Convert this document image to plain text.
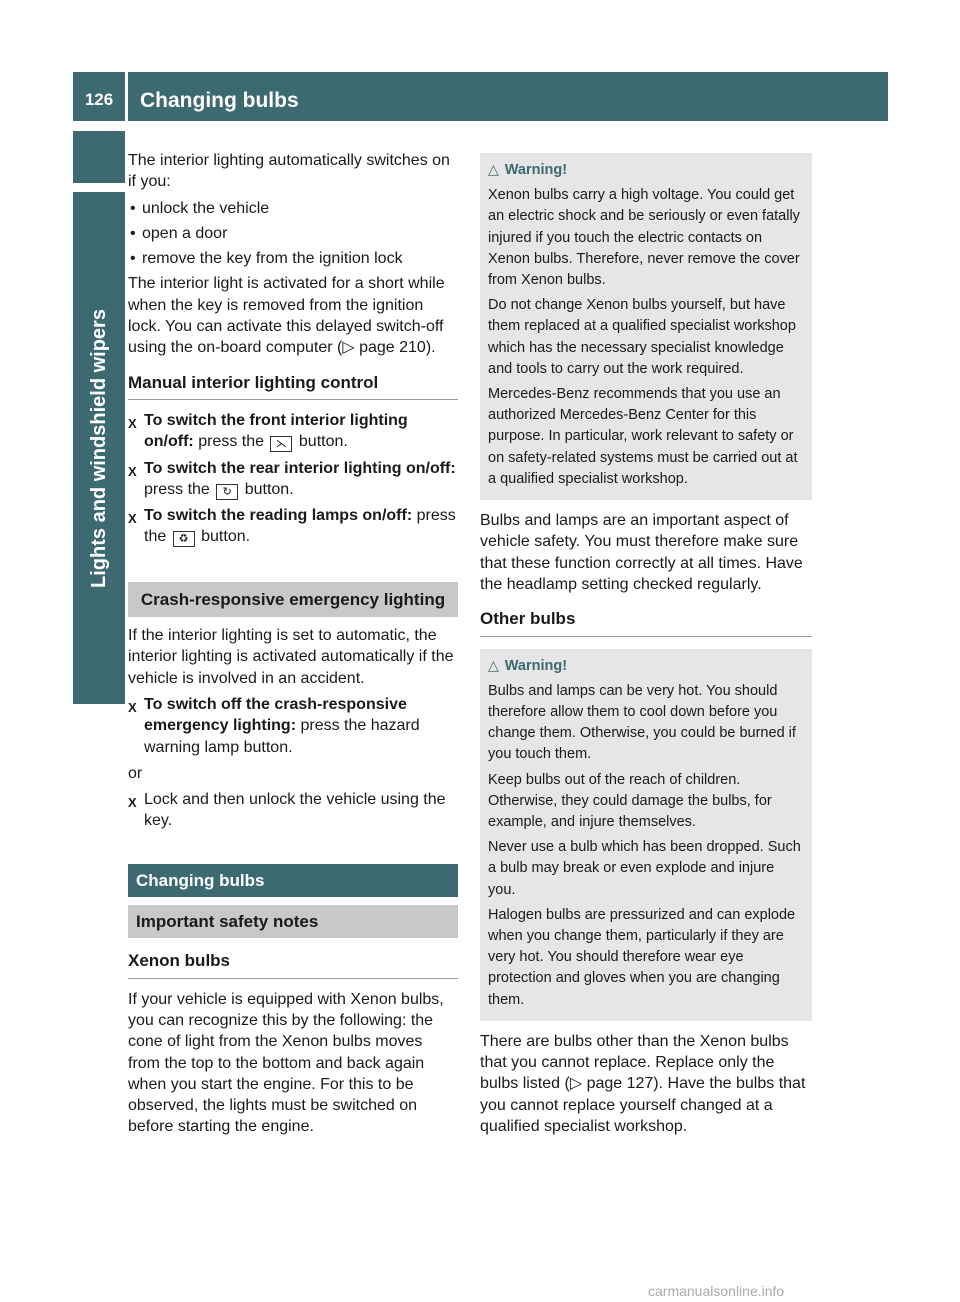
126	Changing bulbs
Lights and windshield wipers

The interior lighting automatically switches on if you:

• unlock the vehicle
• open a door
• remove the key from the ignition lock

The interior light is activated for a short while when the key is removed from the ignition lock. You can activate this delayed switch-off using the on-board computer (▷ page 210).

Manual interior lighting control
X To switch the front interior lighting on/off: press the ⋋ button.
X To switch the rear interior lighting on/off: press the ↻ button.
X To switch the reading lamps on/off: press the ♻ button.
Crash-responsive emergency lighting

If the interior lighting is set to automatic, the interior lighting is activated automatically if the vehicle is involved in an accident.

X To switch off the crash-responsive emergency lighting: press the hazard warning lamp button.

or

X Lock and then unlock the vehicle using the key.
Changing bulbs
Important safety notes
Xenon bulbs

If your vehicle is equipped with Xenon bulbs, you can recognize this by the following: the cone of light from the Xenon bulbs moves from the top to the bottom and back again when you start the engine. For this to be observed, the lights must be switched on before starting the engine.

△ Warning!

Xenon bulbs carry a high voltage. You could get an electric shock and be seriously or even fatally injured if you touch the electric contacts on Xenon bulbs. Therefore, never remove the cover from Xenon bulbs.

Do not change Xenon bulbs yourself, but have them replaced at a qualified specialist workshop which has the necessary specialist knowledge and tools to carry out the work required.

Mercedes-Benz recommends that you use an authorized Mercedes-Benz Center for this purpose. In particular, work relevant to safety or on safety-related systems must be carried out at a qualified specialist workshop.

Bulbs and lamps are an important aspect of vehicle safety. You must therefore make sure that these function correctly at all times. Have the headlamp setting checked regularly.

Other bulbs
△ Warning!

Bulbs and lamps can be very hot. You should therefore allow them to cool down before you change them. Otherwise, you could be burned if you touch them.

Keep bulbs out of the reach of children. Otherwise, they could damage the bulbs, for example, and injure themselves.

Never use a bulb which has been dropped. Such a bulb may break or even explode and injure you.

Halogen bulbs are pressurized and can explode when you change them, particularly if they are very hot. You should therefore wear eye protection and gloves when you are changing them.

There are bulbs other than the Xenon bulbs that you cannot replace. Replace only the bulbs listed (▷ page 127). Have the bulbs that you cannot replace yourself changed at a qualified specialist workshop.

carmanualsonline.info
